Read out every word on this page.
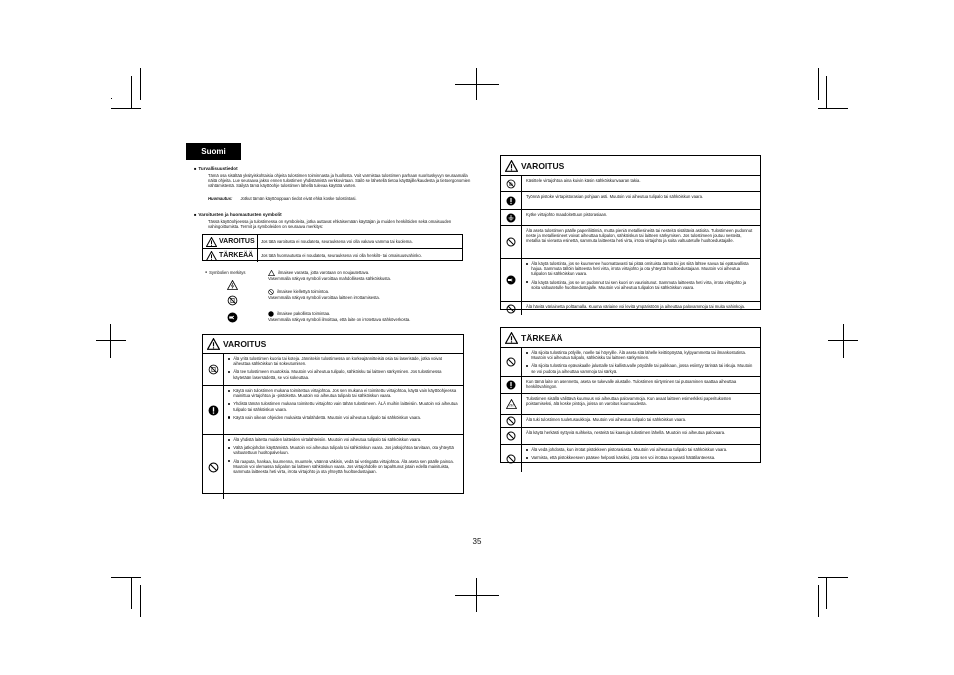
Suomi
■ Turvallisuustiedot
Tämä osa sisältää yksityiskohtaisia ohjeita tulostimen toiminnasta ja huollosta. Voit varmistaa tulostimen parhaan suorituskyvyn seuraamalla näitä ohjeita. Lue seuraava jakso ennen tulostimen yhdistämistä verkkovirtaan. Säilö se lähetellä tietoa käyttäjille/kaudesta ja tietoergonomien vähtämistestä. Säilytä tämä käyttöohje tulostimen lähellä tulevaa käyttöä varten.
Huomautus: Jotkut tämän käyttöoppaan tiedot eivät ehkä koske tulostintasi.
■ Varoitusten ja huomautusten symbolit
Tässä käyttöohjeessa ja tulostimessa on symboleita, jotka auttavat ehkäisemään käyttäjän ja muiden henkilöiden sekä omaisuuden vahingoittumista. Termit ja symboleiden on seuraava merkitys:
VAROITUS	Jos tätä varoitusta ei noudateta, seurauksena voi olla vakava vamma tai kuolema.
TÄRKEÄÄ	Jos tätä huomautusta ei noudateta, seurauksena voi olla henkilö- tai omaisuusvahinko.
● Symbolien merkitys	ilmaisee varasta, jotta varotaan on noujautettava.
Vasemmalla näkyvä symboli varoittaa mahdollisesta sähköiskusta.
ilmaisee kiellettyä toimintoa.
Vasemmalla näkyvä symboli varoittaa laitteen irrottamisesta.
ilmaisee pakollista toimintaa.
Vasemmalla näkyvä symboli ilmoittaa, että laite on irrotettava sähköverkosta.
VAROITUS
Älä yritä tulostimen kuoria tai koteja. Jännitekin tulostimessa on korkeajännitteisiä osia tai laserisäde, jotka voivat aiheuttaa sähköiskun tai sokeutumisen.
Älä tee tulostimeen muutoksia. Muutoin voi aiheutua tulipalo, sähköisku tai laitteen särkyminen. Jos tulostimessa käytetään lasersädettä, se voi sokeuttaa.
Käytä vain tulostimen mukana toimitettua virtajohtoa. Jos sen mukana ei toimitettu virtajohtoa, käytä vain käyttöohjeessa mainittua virtajohtoa ja -pistoketta. Muutoin voi aiheutua tulipalo tai sähköiskun vaara.
Yhdistä tämän tulostimen mukana toimitettu virtajohto vain tähän tulostimeen. ÄLÄ muihin laitteisiin. Muutoin voi aiheutua tulipalo tai sähköiskun vaara.
Käytä vain oikean ohjeiden mukaista virtalähdettä. Muutoin voi aiheutua tulipalo tai sähköiskun vaara.
Älä yhdistä laitetta muiden laitteiden virtalähteisiin. Muutoin voi aiheutua tulipalo tai sähköiskun vaara.
Vältä jatkojohdon käyttämistä. Muutoin voi aiheutua tulipalo tai sähköiskun vaara. Jos jatkojohtoa tarvitaan, ota yhteyttä valtuutettuun huoltopalveluun.
Älä raaputa, hankaa, kuumenna, muuntele, väännä väkisin, vedä tai vetingatta virtajohtoa. Älä aseta sen päälle painoa. Muutoin voi olemassa tulipalon tai laitteen sähköiskun vaara. Jos virtajohdolle on tapahtunut jotain edellä mainituista, sammuta laitteesta heti virta, irrota virtajohto ja ota yhteyttä huoltoedustajaan.
VAROITUS
Käsittele virtajohtoa aina kuivin käsin sähköiskunvaaran takia.
Työnnä pistoke virtapistorasian pohjaan asti. Muutoin voi aiheutua tulipalo tai sähköiskun vaara.
Kytke virtajohto maadoitettuun pistorasiaan.
Älä aseta tulostimen päälle paperiliittimiä, mutta pieniä metalliesineitä tai nesteitä sisältäviä astioita. Tulostimeen pudonnut neste ja metalliesineet voivat aiheuttaa tulipalon, sähköiskun tai laitteen särkymisen. Jos tulostimeen joutuu nesteitä, metallia tai vierasta esinettä, sammuta laitteesta heti virta, irrota virtajohto ja soita valtuutetulle huoltoedustajalle.
Älä käytä tulostinta, jos se kuumenee huomattavasti tai pitää omituista ääntä tai jos siitä lähtee savua tai epätavallista hajua. Sammuta tällöin laitteesta heti virta, irrota virtajohto ja ota yhteyttä huoltoedustajaan. Muutoin voi aiheutua tulipalon tai sähköiskun vaara.
Älä käytä tulostinta, jos se on pudonnut tai sen kuori on vaurioitunut. Sammuta laitteesta heti virta, irrota virtajohto ja soita valtuutetulle huoltoedustajalle. Muutoin voi aiheutua tulipalon tai sähköiskun vaara.
Älä hävitä väriainetta polttamalla. Kuuma väriaine voi levitä ympäristöön ja aiheuttaa palovammoja tai muita vahinkoja.
TÄRKEÄÄ
Älä sijoita tulostinta pölyille, noelle tai höyryille. Älä aseta sitä lähelle keittiöpöytää, kylpyammetta tai ilmankostutinta. Muutoin voi aiheutua tulipalo, sähköisku tai laitteen särkyminen.
Älä sijoita tulostinta epävakaalle jalustalle tai kallistuvalle pöydälle tai paikkaan, jossa esiintyy tärinää tai iskuja. Muutoin se voi pudota ja aiheuttaa vammoja tai särkyä.
Kun tämä laite on asennettu, aseta se tukevalle alustalle. Tulostimen siirtyminen tai putoaminen saattaa aiheuttaa henkilövahingon.
Tulostimen sisällä välittävä kuumuus voi aiheuttaa palovammoja. Kun avaat laitteen esimerkiksi paperitukosten poistamiseksi, älä koske pintoja, joissa on varoitus kuumuudesta.
Älä tuki tulostimen tuuletusaukkoja. Muutoin voi aiheutua tulipalo tai sähköiskun vaara.
Älä käytä herkästi syttyviä suihkeita, nesteitä tai kaasuja tulostimen lähellä. Muutoin voi aiheutua palovaara.
Älä vedä johdosta, kun irrotat pistokkeen pistorasiasta. Muutoin voi aiheutua tulipalo tai sähköiskun vaara.
Varmista, että pistokkeeseen pääsee helposti käsiksi, jotta sen voi irrottaa nopeasti hätätilanteessa.
35
